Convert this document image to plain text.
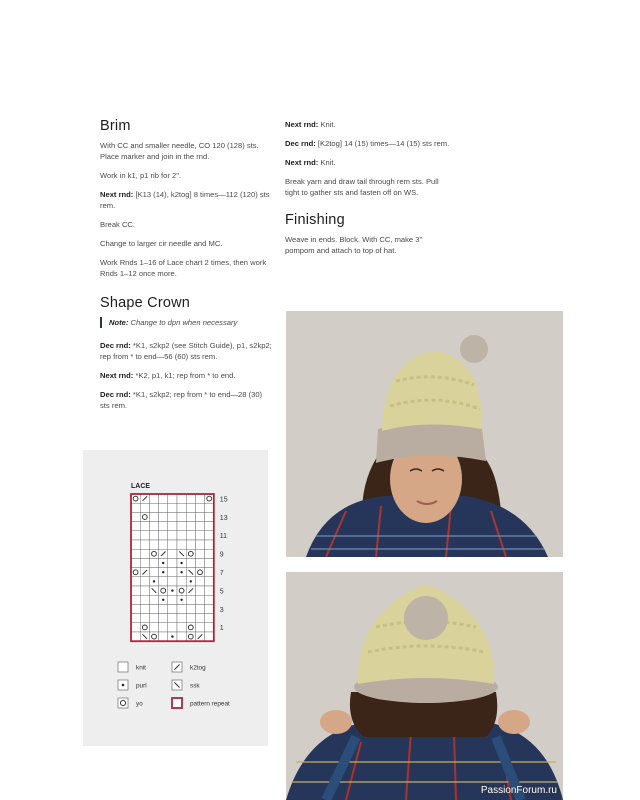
Brim

With CC and smaller needle, CO 120 (128) sts. Place marker and join in the rnd.

Work in k1, p1 rib for 2".

Next rnd: [K13 (14), k2tog] 8 times—112 (120) sts rem.

Break CC.

Change to larger cir needle and MC.

Work Rnds 1–16 of Lace chart 2 times, then work Rnds 1–12 once more.

Shape Crown
Note: Change to dpn when necessary

Dec rnd: *K1, s2kp2 (see Stitch Guide), p1, s2kp2; rep from * to end—56 (60) sts rem.

Next rnd: *K2, p1, k1; rep from * to end.

Dec rnd: *K1, s2kp2; rep from * to end—28 (30) sts rem.

Next rnd: Knit.

Dec rnd: [K2tog] 14 (15) times—14 (15) sts rem.

Next rnd: Knit.

Break yarn and draw tail through rem sts. Pull tight to gather sts and fasten off on WS.

Finishing

Weave in ends. Block. With CC, make 3" pompom and attach to top of hat.

LACE
15
13
11
9
7
5
3
1
knit	k2tog
purl	ssk
yo	pattern repeat
PassionForum.ru
